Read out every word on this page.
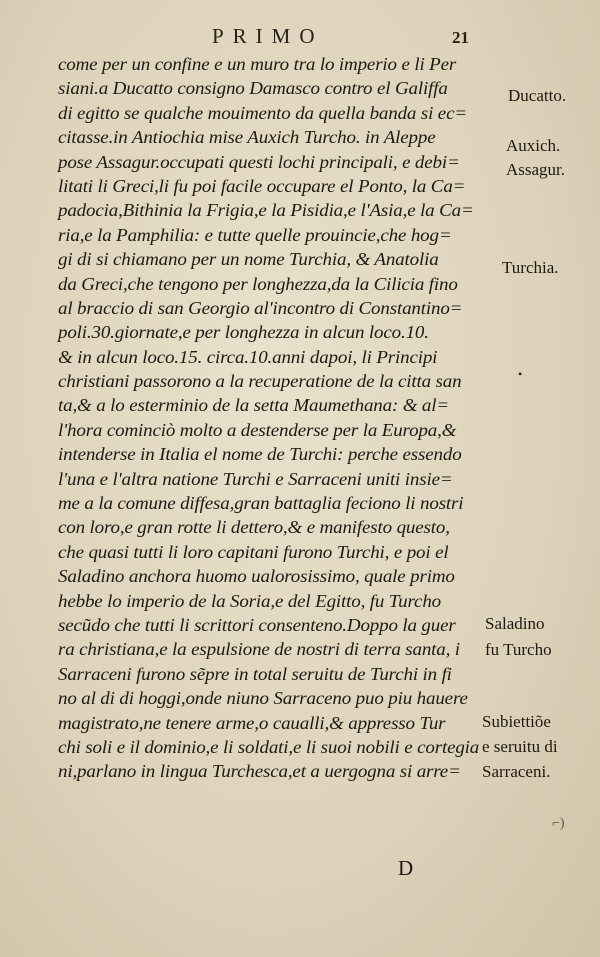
PRIMO	21
come per un confine e un muro tra lo imperio e li Per
siani.a Ducatto consigno Damasco contro el Galiffa
di egitto se qualche mouimento da quella banda si ec=
citasse.in Antiochia mise Auxich Turcho. in Aleppe
pose Assagur.occupati questi lochi principali, e debi=
litati li Greci,li fu poi facile occupare el Ponto, la Ca=
padocia,Bithinia la Frigia,e la Pisidia,e l'Asia,e la Ca=
ria,e la Pamphilia: e tutte quelle prouincie,che hog=
gi di si chiamano per un nome Turchia, & Anatolia
da Greci,che tengono per longhezza,da la Cilicia fino
al braccio di san Georgio al'incontro di Constantino=
poli.30.giornate,e per longhezza in alcun loco.10.
& in alcun loco.15. circa.10.anni dapoi, li Principi
christiani passorono a la recuperatione de la citta san
ta,& a lo esterminio de la setta Maumethana: & al=
l'hora cominciò molto a destenderse per la Europa,&
intenderse in Italia el nome de Turchi: perche essendo
l'una e l'altra natione Turchi e Sarraceni uniti insie=
me a la comune diffesa,gran battaglia feciono li nostri
con loro,e gran rotte li dettero,& e manifesto questo,
che quasi tutti li loro capitani furono Turchi, e poi el
Saladino anchora huomo ualorosissimo, quale primo
hebbe lo imperio de la Soria,e del Egitto, fu Turcho
secũdo che tutti li scrittori consenteno.Doppo la guer
ra christiana,e la espulsione de nostri di terra santa, i
Sarraceni furono sẽpre in total seruitu de Turchi in fi
no al di di hoggi,onde niuno Sarraceno puo piu hauere
magistrato,ne tenere arme,o caualli,& appresso Tur
chi soli e il dominio,e li soldati,e li suoi nobili e cortegia
ni,parlano in lingua Turchesca,et a uergogna si arre=
Ducatto.
Auxich.
Assagur.
Turchia.
•
Saladino
fu Turcho
Subiettiõe
e seruitu di
Sarraceni.
⌐)
D
